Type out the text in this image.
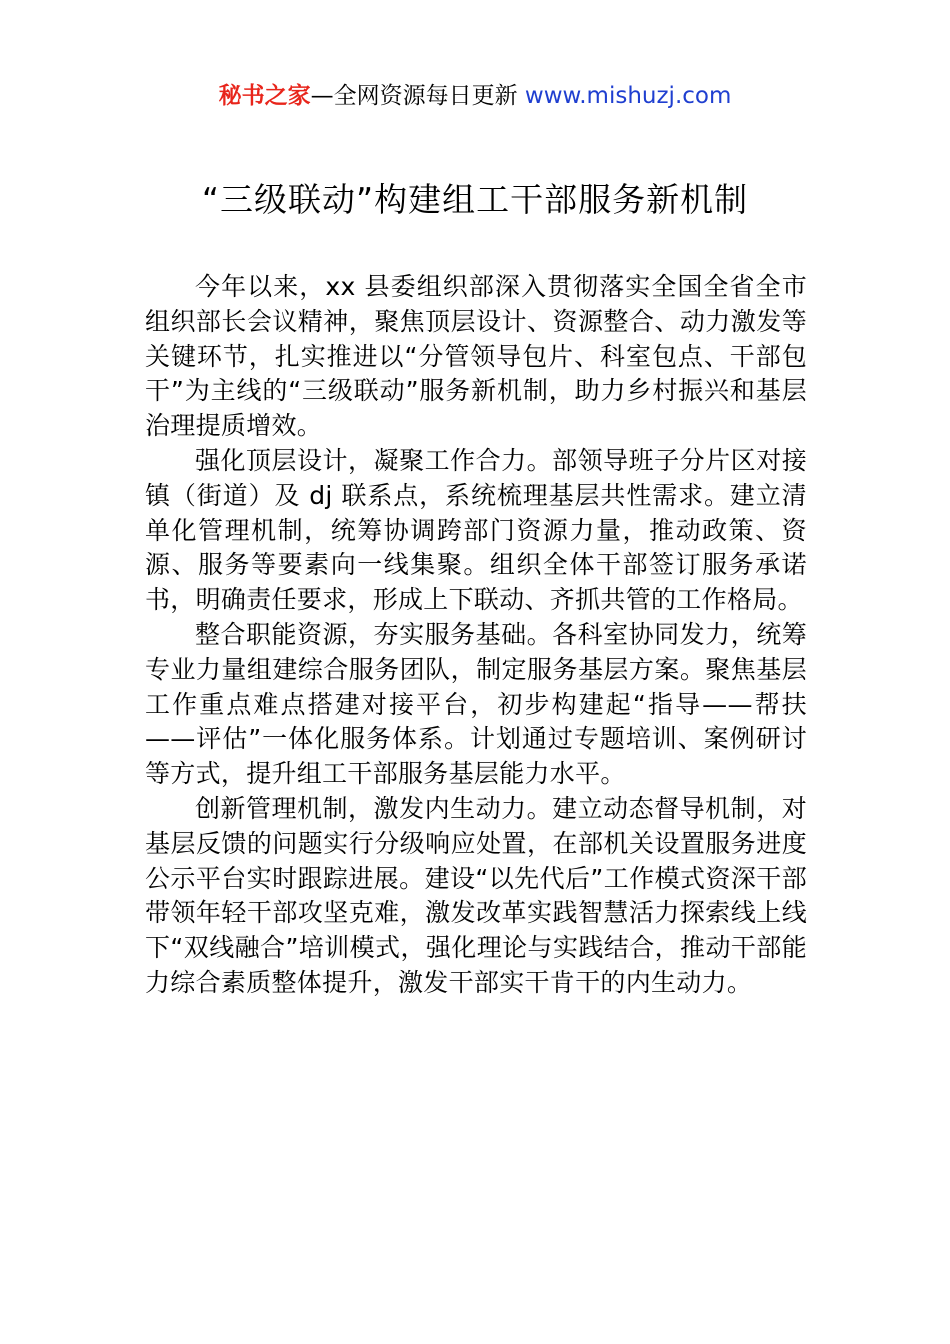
秘书之家—全网资源每日更新 www.mishuzj.com
“三级联动”构建组工干部服务新机制

今年以来，xx 县委组织部深入贯彻落实全国全省全市组织部长会议精神，聚焦顶层设计、资源整合、动力激发等关键环节，扎实推进以“分管领导包片、科室包点、干部包干”为主线的“三级联动”服务新机制，助力乡村振兴和基层治理提质增效。

强化顶层设计，凝聚工作合力。部领导班子分片区对接镇（街道）及 dj 联系点，系统梳理基层共性需求。建立清单化管理机制，统筹协调跨部门资源力量，推动政策、资源、服务等要素向一线集聚。组织全体干部签订服务承诺书，明确责任要求，形成上下联动、齐抓共管的工作格局。

整合职能资源，夯实服务基础。各科室协同发力，统筹专业力量组建综合服务团队，制定服务基层方案。聚焦基层工作重点难点搭建对接平台，初步构建起“指导——帮扶——评估”一体化服务体系。计划通过专题培训、案例研讨等方式，提升组工干部服务基层能力水平。

创新管理机制，激发内生动力。建立动态督导机制，对基层反馈的问题实行分级响应处置，在部机关设置服务进度公示平台实时跟踪进展。建设“以先代后”工作模式资深干部带领年轻干部攻坚克难，激发改革实践智慧活力探索线上线下“双线融合”培训模式，强化理论与实践结合，推动干部能力综合素质整体提升，激发干部实干肯干的内生动力。
